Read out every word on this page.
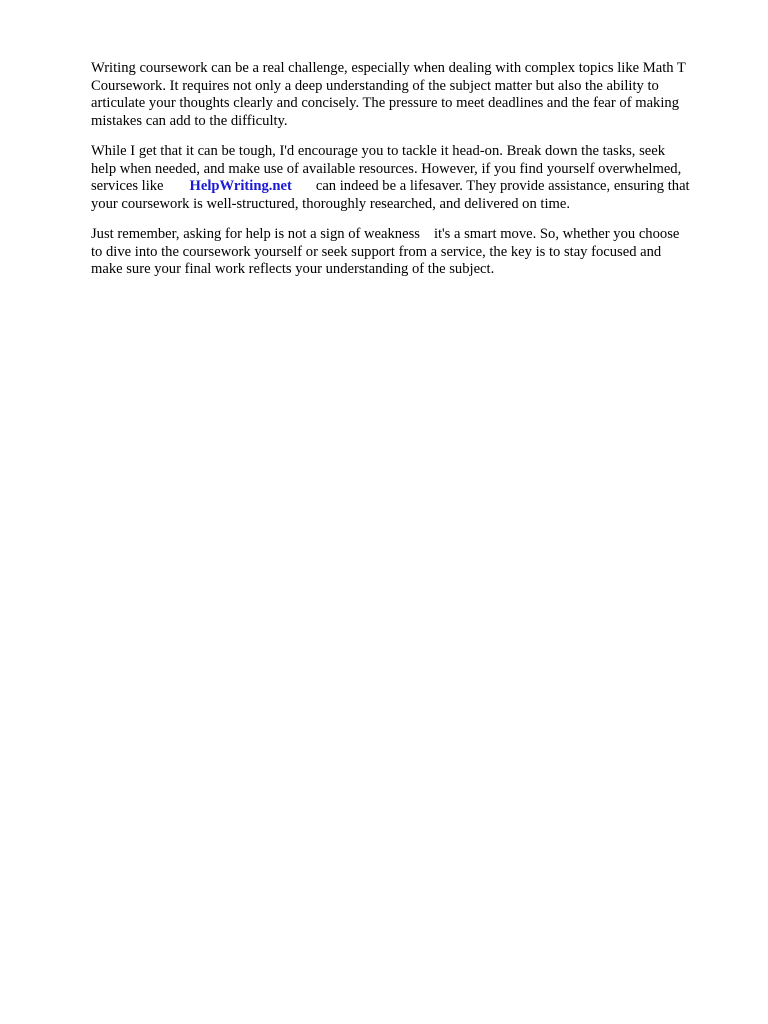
Writing coursework can be a real challenge, especially when dealing with complex topics like Math T
Coursework. It requires not only a deep understanding of the subject matter but also the ability to
articulate your thoughts clearly and concisely. The pressure to meet deadlines and the fear of making
mistakes can add to the difficulty.
While I get that it can be tough, I'd encourage you to tackle it head-on. Break down the tasks, seek
help when needed, and make use of available resources. However, if you find yourself overwhelmed,
services like HelpWriting.net can indeed be a lifesaver. They provide assistance, ensuring that
your coursework is well-structured, thoroughly researched, and delivered on time.
Just remember, asking for help is not a sign of weakness it's a smart move. So, whether you choose
to dive into the coursework yourself or seek support from a service, the key is to stay focused and
make sure your final work reflects your understanding of the subject.
